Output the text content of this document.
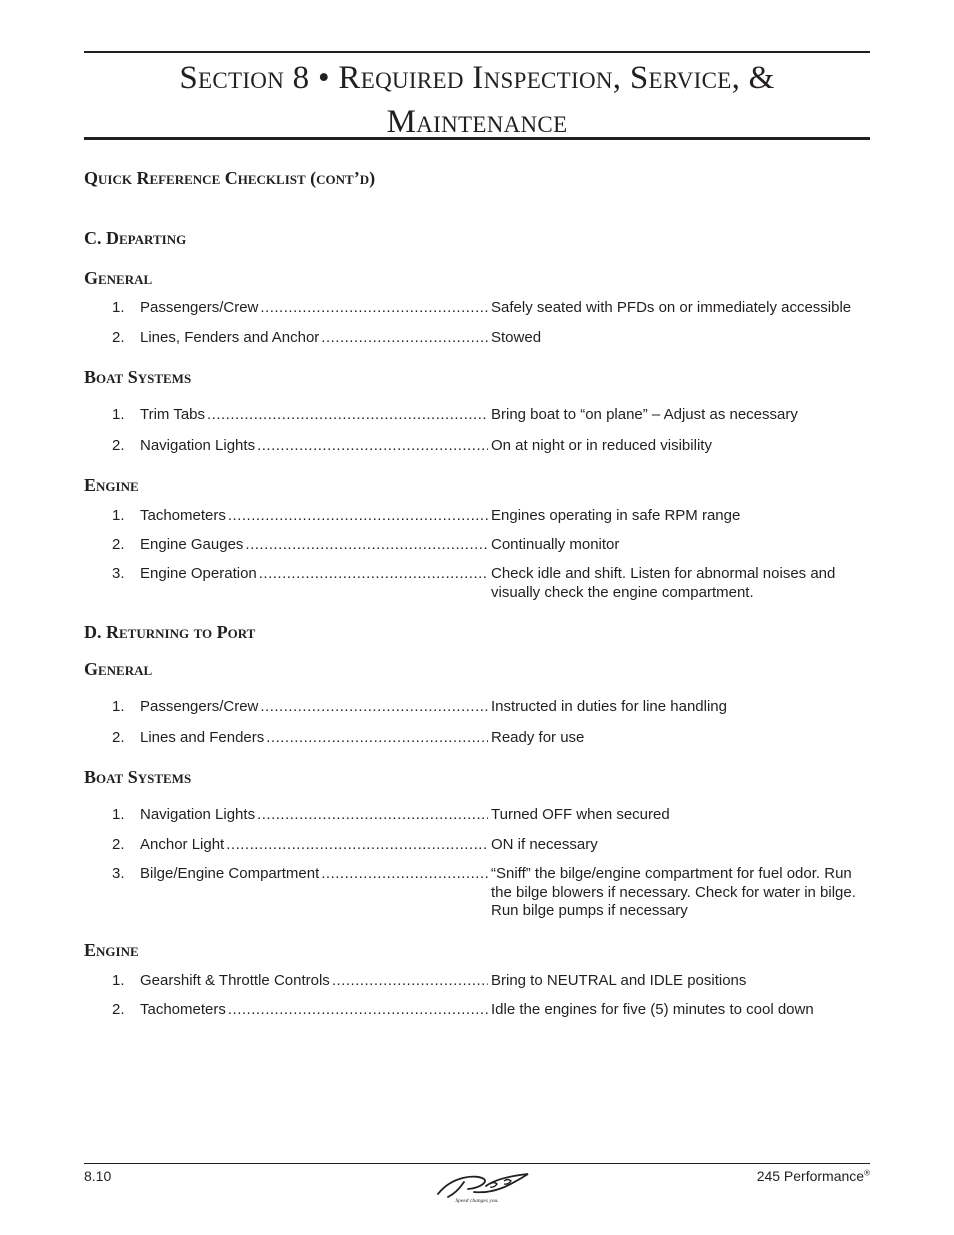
Section 8 • Required Inspection, Service, &
Maintenance
Quick Reference Checklist (cont’d)
C. Departing
General
1. Passengers/Crew .....	Safely seated with PFDs on or immediately accessible
2. Lines, Fenders and Anchor .....	Stowed
Boat Systems
1. Trim Tabs .....	Bring boat to “on plane” – Adjust as necessary
2. Navigation Lights .....	On at night or in reduced visibility
Engine
1. Tachometers .....	Engines operating in safe RPM range
2. Engine Gauges .....	Continually monitor
3. Engine Operation .....	Check idle and shift. Listen for abnormal noises and visually check the engine compartment.
D. Returning to Port
General
1. Passengers/Crew .....	Instructed in duties for line handling
2. Lines and Fenders .....	Ready for use
Boat Systems
1. Navigation Lights .....	Turned OFF when secured
2. Anchor Light .....	ON if necessary
3. Bilge/Engine Compartment .....	“Sniff” the bilge/engine compartment for fuel odor. Run the bilge blowers if necessary. Check for water in bilge. Run bilge pumps if necessary
Engine
1. Gearshift & Throttle Controls .....	Bring to NEUTRAL and IDLE positions
2. Tachometers .....	Idle the engines for five (5) minutes to cool down
8.10
Speed changes you.
245 Performance®
